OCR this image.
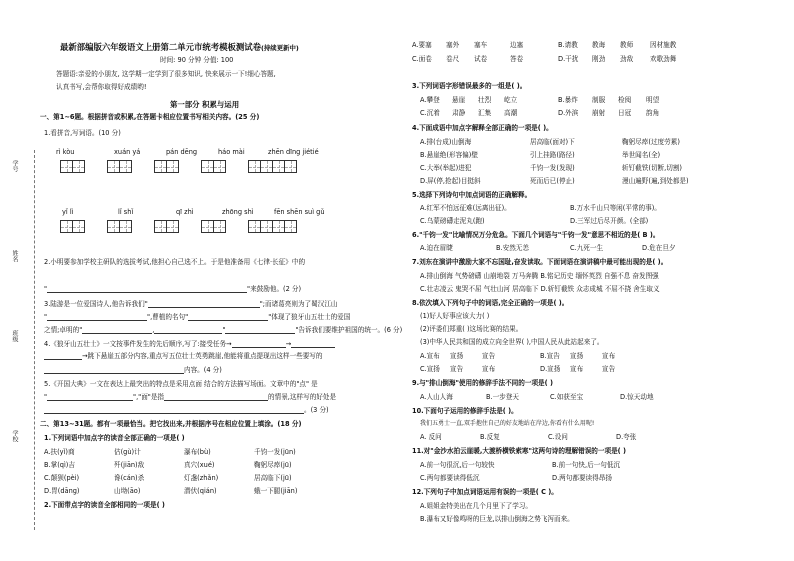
学号
姓名
班级
学校
最新部编版六年级语文上册第二单元市统考模板测试卷(持续更新中)
时间: 90 分钟 分值: 100
答题语:亲爱的小朋友, 这学期一定学到了很多知识, 快来展示一下!细心答题,
认真书写,会帮你取得好成绩哟!
第一部分 积累与运用
一、第1~6题。根据拼音或积累,在答题卡相应位置书写相关内容。(25 分)
1.看拼音,写词语。(10 分)
rì kòu	xuán yá	pán dēng	háo mài	zhēn dīng jiétié
yǐ lì	lǐ shǐ	qī zhì	zhōng shì	fēn shēn suì gǔ
2.小明要参加学校主研队的选拔考试,他担心自己选不上。于是他准备用《七律·长征》中的
"	"来鼓励他。(2 分)
3.陆游是一位爱国诗人,他告诉我们"	";而诸葛亮则为了蜀汉江山
"	",曹植的名句"	"体现了狼牙山五壮士的爱国
之情;卓明的"	,	"	"告诉我们要维护祖国的统一。(6 分)
4.《狼牙山五壮士》一文按事件发生的先后顺序,写了:接受任务→	→
→跳下悬崖五部分内容,重点写五位壮士英勇跳崖,他能将重点提现出这样一些要写的
内容。(4 分)
5.《开国大典》一文在表达上最突出的特点是采用点面 结合的方法描写场面。文章中的"点" 是
"	","面"是指	的情景,这样写的好处是
。(3 分)
二、第13~31题。都有一项最恰当。把它找出来,并根据序号在相应位置上填涂。(18 分)
1.下列词语中加点字的读音全部正确的一项是( )
A.扶(yǐ)商	估(gù)计	瀑布(bù)	千钧一发(jūn)
B.掌(qì)吉	歼(jiān)敌	真穴(xué)	鞠躬尽瘁(jū)
C.颠狈(pèi)	谗(cán)杀	灯盏(zhǎn)	居高临下(jū)
D.胃(dāng)	山坳(āo)	潜伏(qián)	蛾一下腿(jiān)
2.下面带点字的读音全部相同的一项是( )
A.要塞 塞外 塞车	边塞	B.请教 教诲 教师	因材施教
C.面卷 卷尺 试卷	答卷	D.干扰 刚劲 劲敌	欢歌劲舞
3.下列词语字形错误最多的一组是( )。
A.攀登 悬崖 壮烈 屹立	B.暴炸 制服 检阅 明望
C.沉着 肃静 汇集 高潮	D.外滨 崩射 日冠 韵角
4.下面成语中加点字解释全部正确的一项是( )。
A.排(台成)山倒海	居高临(面对)下	鞠躬尽瘁(过度劳累)
B.悬崖绝(形容偏)壁	引上挂路(路径)	举世闻名(全)
C.大举(举起)进犯	千钧一发(发现)	斩钉截铁(切断,切割)
D.屏(停,抢起)目挺斜	死而后已(停止)	漫山遍野(遍,到处都是)
5.选择下列诗句中加点词语的正确解释。
A.红军不怕远征难(远离出征)。	B.万水千山只等闲(平常的事)。
C.乌蒙磅礴走泥丸(跑)	D.三军过后尽开颜。(全部)
6."千钧一发"比喻情况万分危急。下面几个词语与"千钧一发"意思不相近的是( B )。
A.迫在眉睫	B.安然无恙	C.九死一生	D.危在旦夕
7.刘东在演讲中激励大家不忘国耻,奋发读取。下面词语在演讲稿中最可能出现的是( )。
A.排山倒海 气势磅礴 山崩地裂 万马奔腾 B.铭记历史 缅怀英烈 自强不息 奋发图强
C.壮志凌云 鬼哭不屈 气壮山河 居高临下 D.斩钉截铁 众志成城 不屈不挠 舍生取义
8.依次填入下列句子中的词语,完全正确的一项是( )。
(1)好人好事应该大力( )
(2)评委们郑重( )这场比赛的结果。
(3)中华人民共和国的成立向全世界( ),中国人民从此站起来了。
A.宣布 宣扬	宣告	B.宣告 宣扬	宣布
C.宣扬 宣告	宣布	D.宣扬 宣布	宣告
9.与"排山倒海"使用的修辞手法不同的一项是( )
A.人山人海	B.一步登天	C.如获至宝	D.惊天动地
10.下面句子运用的修辞手法是( )。
我们五勇士一直,双手抱住自己的好友地站在岸边,你看有什么用呢!
A. 反问	B.反复	C.设问	D.夸张
11.对"金沙水拍云崖暖,大渡桥横铁索寒"这两句诗的理解错误的一项是( )
A.前一句很沉,后一句较快	B.前一句快,后一句低沉
C.两句都要读得低沉	D.两句都要读得昂扬
12.下列句子中加点词语运用有误的一项是( C )。
A.姐姐金特美出在几个月里下了学习。
B.瀑布又好像鸣呀的巨龙,以排山倒海之势飞泻而来。
